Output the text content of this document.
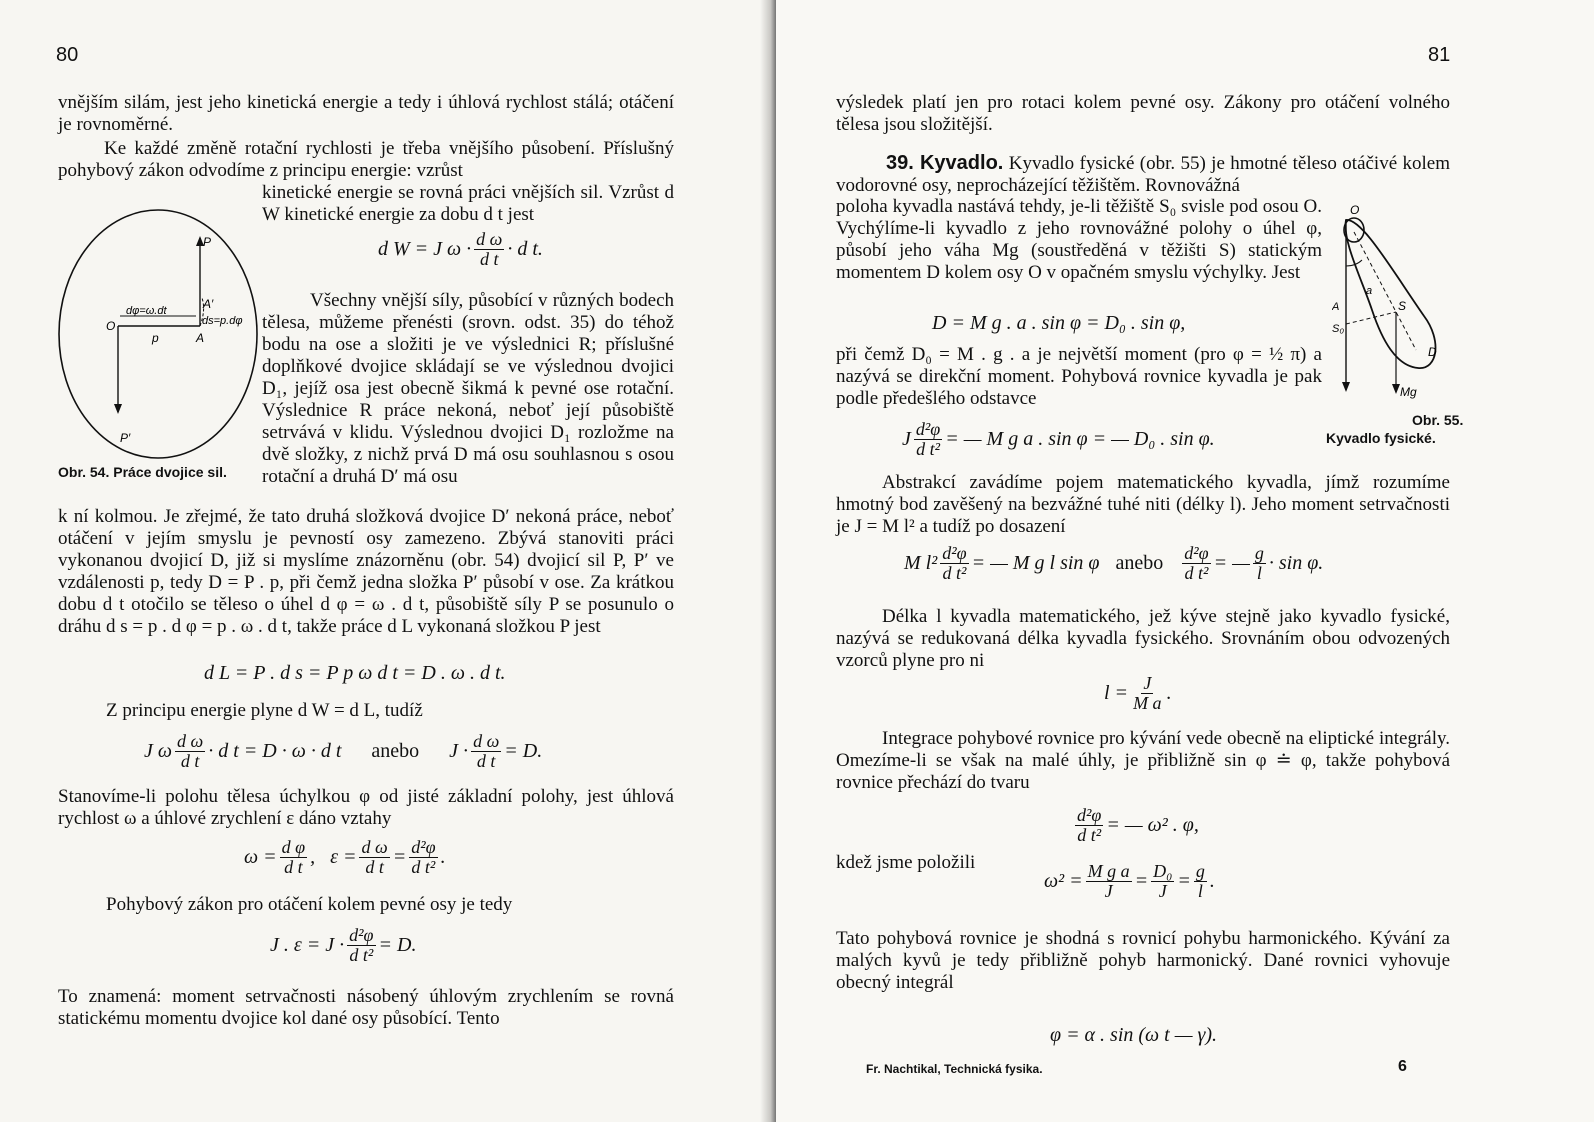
80

vnějším silám, jest jeho kinetická energie a tedy i úhlová rychlost stálá; otáčení je rovnoměrné.

Ke každé změně rotační rychlosti je třeba vnějšího působení. Příslušný pohybový zákon odvodíme z principu energie: vzrůst

kinetické energie se rovná práci vnějších sil. Vzrůst d W kinetické energie za dobu d t jest

d W = J $\omega \cdot \frac{\text{d ω}}{\text{d t}} \cdot d$ t.

Všechny vnější síly, působící v různých bodech tělesa, můžeme přenésti (srovn. odst. 35) do téhož bodu na ose a složiti je ve výslednici R; příslušné doplňkové dvojice skládají se ve výslednou dvojici D₁, jejíž osa jest obecně šikmá k pevné ose rotační. Výslednice R práce nekoná, neboť její působiště setrvává v klidu. Výslednou dvojici D₁ rozložme na dvě složky, z nichž prvá D má osu souhlasnou s osou rotační a druhá D′ má osu

P
P′
A′
A
O
p
dφ=ω.dt
ds=p.dφ
Obr. 54. Práce dvojice sil.

k ní kolmou. Je zřejmé, že tato druhá složková dvojice D′ nekoná práce, neboť otáčení v jejím smyslu je pevností osy zamezeno. Zbývá stanoviti práci vykonanou dvojicí D, již si myslíme znázorněnu (obr. 54) dvojicí sil P, P′ ve vzdálenosti p, tedy D = P . p, při čemž jedna složka P′ působí v ose. Za krátkou dobu d t otočilo se těleso o úhel d φ = ω . d t, působiště síly P se posunulo o dráhu d s = p . d φ = p . ω . d t, takže práce d L vykonaná složkou P jest

d L = P . d s = P p ω d t = D . ω . d t.

Z principu energie plyne d W = d L, tudíž

J ω $\frac{\text{d ω}}{\text{d t}} \cdot d$ t = D · ω · d t anebo $J \cdot \frac{\text{d ω}}{\text{d t}} = D$.

Stanovíme-li polohu tělesa úchylkou φ od jisté základní polohy, jest úhlová rychlost ω a úhlové zrychlení ε dáno vztahy

$\omega = \frac{\text{d φ}}{\text{d t}}$ ,   $\varepsilon = \frac{\text{d ω}}{\text{d t}} = \frac{\text{d²φ}}{\text{d t²}}$ .

Pohybový zákon pro otáčení kolem pevné osy je tedy

J . $\varepsilon = J \cdot \frac{\text{d²φ}}{\text{d t²}} = D$.

To znamená: moment setrvačnosti násobený úhlovým zrychlením se rovná statickému momentu dvojice kol dané osy působící. Tento

81

výsledek platí jen pro rotaci kolem pevné osy. Zákony pro otáčení volného tělesa jsou složitější.

39. Kyvadlo. Kyvadlo fysické (obr. 55) je hmotné těleso otáčivé kolem vodorovné osy, neprocházející těžištěm. Rovnovážná

poloha kyvadla nastává tehdy, je-li těžiště S₀ svisle pod osou O. Vychýlíme-li kyvadlo z jeho rovnovážné polohy o úhel φ, působí jeho váha Mg (soustředěná v těžišti S) statickým momentem D kolem osy O v opačném smyslu výchylky. Jest

D = M g . a . sin φ = D₀ . sin φ,

při čemž D₀ = M . g . a je největší moment (pro φ = ½ π) a nazývá se direkční moment. Pohybová rovnice kyvadla je pak podle předešlého odstavce

J $\frac{\text{d²φ}}{\text{d t²}}$ = — M g a . sin φ = — D₀ . sin φ.
A
S₀
S
D
Mg
O
a
Obr. 55.
Kyvadlo fysické.

Abstrakcí zavádíme pojem matematického kyvadla, jímž rozumíme hmotný bod zavěšený na bezvážné tuhé niti (délky l). Jeho moment setrvačnosti je J = M l² a tudíž po dosazení

M $l^2 \frac{\text{d²φ}}{\text{d t²}}$ = — M g l sin φ anebo $\frac{\text{d²φ}}{\text{d t²}}$ = — $\frac{g}{l} \cdot \sin \varphi$.

Délka l kyvadla matematického, jež kýve stejně jako kyvadlo fysické, nazývá se redukovaná délka kyvadla fysického. Srovnáním obou odvozených vzorců plyne pro ni

$l = \frac{J}{\text{M a}}$ .

Integrace pohybové rovnice pro kývání vede obecně na eliptické integrály. Omezíme-li se však na malé úhly, je přibližně sin φ ≐ φ, takže pohybová rovnice přechází do tvaru

$\frac{\text{d²φ}}{\text{d t²}}$ = — ω² . φ,

kdež jsme položili

$\omega^2 = \frac{\text{M g a}}{J} = \frac{\text{D₀}}{J} = \frac{g}{l}$ .

Tato pohybová rovnice je shodná s rovnicí pohybu harmonického. Kývání za malých kyvů je tedy přibližně pohyb harmonický. Dané rovnici vyhovuje obecný integrál

φ = α . sin (ω t — γ).
Fr. Nachtikal, Technická fysika.	6
